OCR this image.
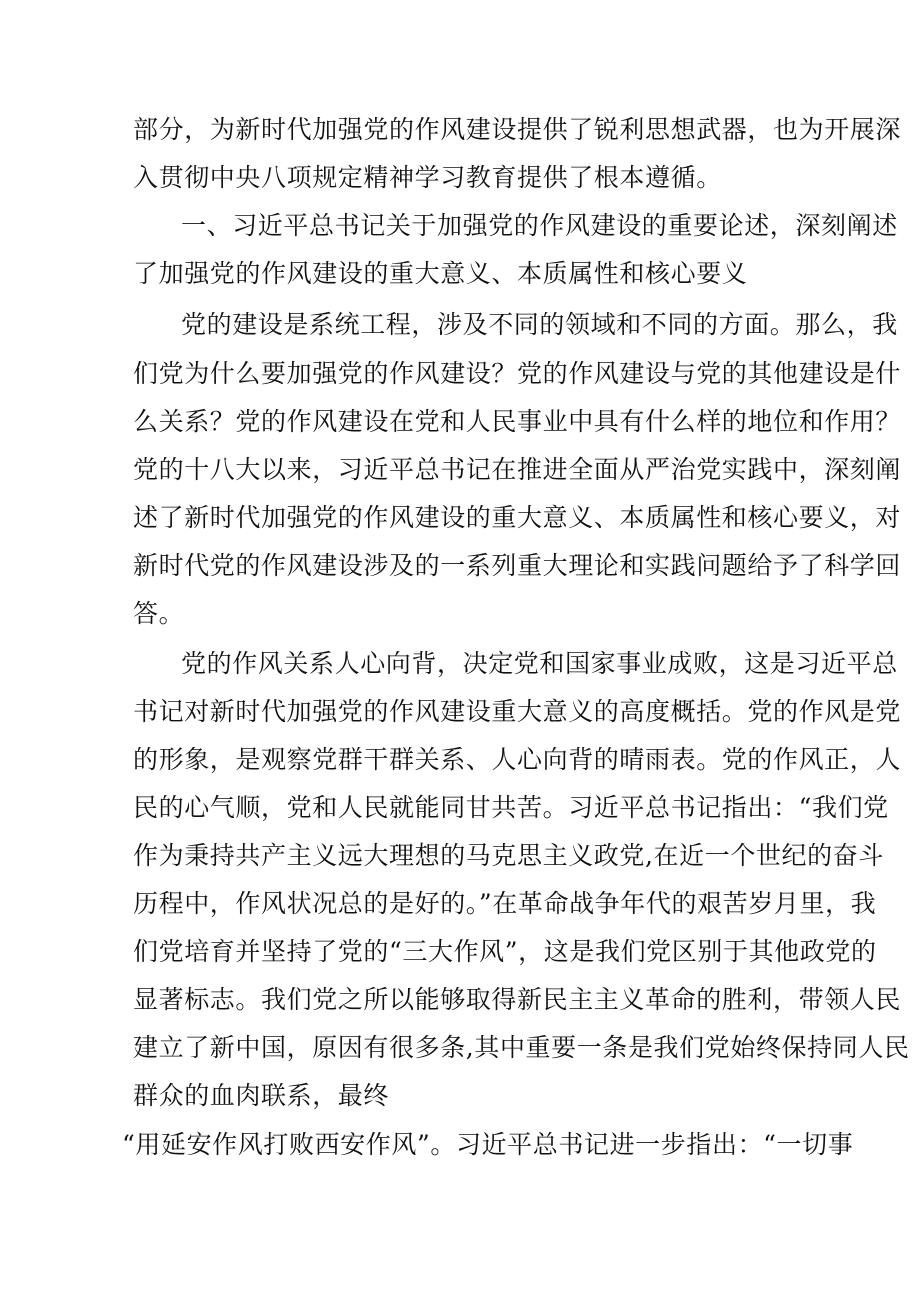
部分，为新时代加强党的作风建设提供了锐利思想武器，也为开展深
入贯彻中央八项规定精神学习教育提供了根本遵循。
一、习近平总书记关于加强党的作风建设的重要论述，深刻阐述
了加强党的作风建设的重大意义、本质属性和核心要义
党的建设是系统工程，涉及不同的领域和不同的方面。那么，我
们党为什么要加强党的作风建设？党的作风建设与党的其他建设是什
么关系？党的作风建设在党和人民事业中具有什么样的地位和作用？
党的十八大以来，习近平总书记在推进全面从严治党实践中，深刻阐
述了新时代加强党的作风建设的重大意义、本质属性和核心要义，对
新时代党的作风建设涉及的一系列重大理论和实践问题给予了科学回
答。
党的作风关系人心向背，决定党和国家事业成败，这是习近平总
书记对新时代加强党的作风建设重大意义的高度概括。党的作风是党
的形象，是观察党群干群关系、人心向背的晴雨表。党的作风正，人
民的心气顺，党和人民就能同甘共苦。习近平总书记指出：“我们党
作为秉持共产主义远大理想的马克思主义政党,在近一个世纪的奋斗
历程中，作风状况总的是好的。”在革命战争年代的艰苦岁月里，我
们党培育并坚持了党的“三大作风”，这是我们党区别于其他政党的
显著标志。我们党之所以能够取得新民主主义革命的胜利，带领人民
建立了新中国，原因有很多条,其中重要一条是我们党始终保持同人民
群众的血肉联系，最终
“用延安作风打败西安作风”。习近平总书记进一步指出：“一切事
